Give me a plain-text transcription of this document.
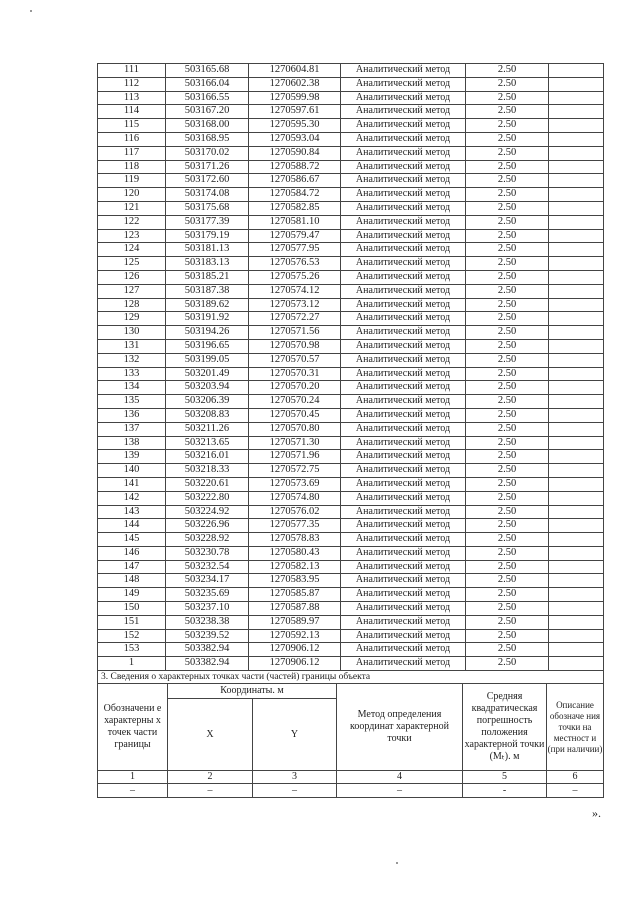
111	503165.68	1270604.81	Аналитический метод	2.50	
112	503166.04	1270602.38	Аналитический метод	2.50	
113	503166.55	1270599.98	Аналитический метод	2.50	
114	503167.20	1270597.61	Аналитический метод	2.50	
115	503168.00	1270595.30	Аналитический метод	2.50	
116	503168.95	1270593.04	Аналитический метод	2.50	
117	503170.02	1270590.84	Аналитический метод	2.50	
118	503171.26	1270588.72	Аналитический метод	2.50	
119	503172.60	1270586.67	Аналитический метод	2.50	
120	503174.08	1270584.72	Аналитический метод	2.50	
121	503175.68	1270582.85	Аналитический метод	2.50	
122	503177.39	1270581.10	Аналитический метод	2.50	
123	503179.19	1270579.47	Аналитический метод	2.50	
124	503181.13	1270577.95	Аналитический метод	2.50	
125	503183.13	1270576.53	Аналитический метод	2.50	
126	503185.21	1270575.26	Аналитический метод	2.50	
127	503187.38	1270574.12	Аналитический метод	2.50	
128	503189.62	1270573.12	Аналитический метод	2.50	
129	503191.92	1270572.27	Аналитический метод	2.50	
130	503194.26	1270571.56	Аналитический метод	2.50	
131	503196.65	1270570.98	Аналитический метод	2.50	
132	503199.05	1270570.57	Аналитический метод	2.50	
133	503201.49	1270570.31	Аналитический метод	2.50	
134	503203.94	1270570.20	Аналитический метод	2.50	
135	503206.39	1270570.24	Аналитический метод	2.50	
136	503208.83	1270570.45	Аналитический метод	2.50	
137	503211.26	1270570.80	Аналитический метод	2.50	
138	503213.65	1270571.30	Аналитический метод	2.50	
139	503216.01	1270571.96	Аналитический метод	2.50	
140	503218.33	1270572.75	Аналитический метод	2.50	
141	503220.61	1270573.69	Аналитический метод	2.50	
142	503222.80	1270574.80	Аналитический метод	2.50	
143	503224.92	1270576.02	Аналитический метод	2.50	
144	503226.96	1270577.35	Аналитический метод	2.50	
145	503228.92	1270578.83	Аналитический метод	2.50	
146	503230.78	1270580.43	Аналитический метод	2.50	
147	503232.54	1270582.13	Аналитический метод	2.50	
148	503234.17	1270583.95	Аналитический метод	2.50	
149	503235.69	1270585.87	Аналитический метод	2.50	
150	503237.10	1270587.88	Аналитический метод	2.50	
151	503238.38	1270589.97	Аналитический метод	2.50	
152	503239.52	1270592.13	Аналитический метод	2.50	
153	503382.94	1270906.12	Аналитический метод	2.50	
1	503382.94	1270906.12	Аналитический метод	2.50	
3. Сведения о характерных точках части (частей) границы объекта					
Обозначени е характерны х точек части границы	Координаты. м		Метод определения координат характерной точки	Средняя квадратическая погрешность положения характерной точки (Mₜ). м	Описание обозначе ния точки на местност и (при наличии)
	X	Y			
1	2	3	4	5	6
–	–	–	–	-	–
».
